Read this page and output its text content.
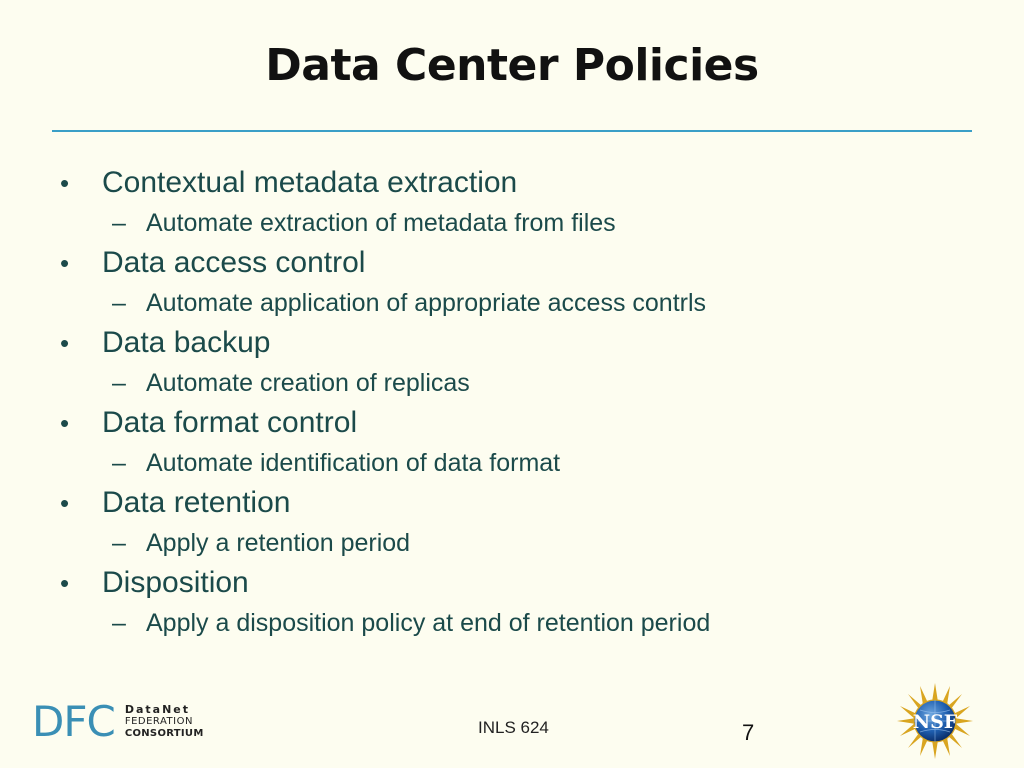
Data Center Policies
•	Contextual metadata extraction
– Automate extraction of metadata from files
•	Data access control
– Automate application of appropriate access contrls
•	Data backup
– Automate creation of replicas
•	Data format control
– Automate identification of data format
•	Data retention
– Apply a retention period
•	Disposition
– Apply a disposition policy at end of retention period
DFC DataNet
FEDERATION
CONSORTIUM	INLS 624	7	NSF
